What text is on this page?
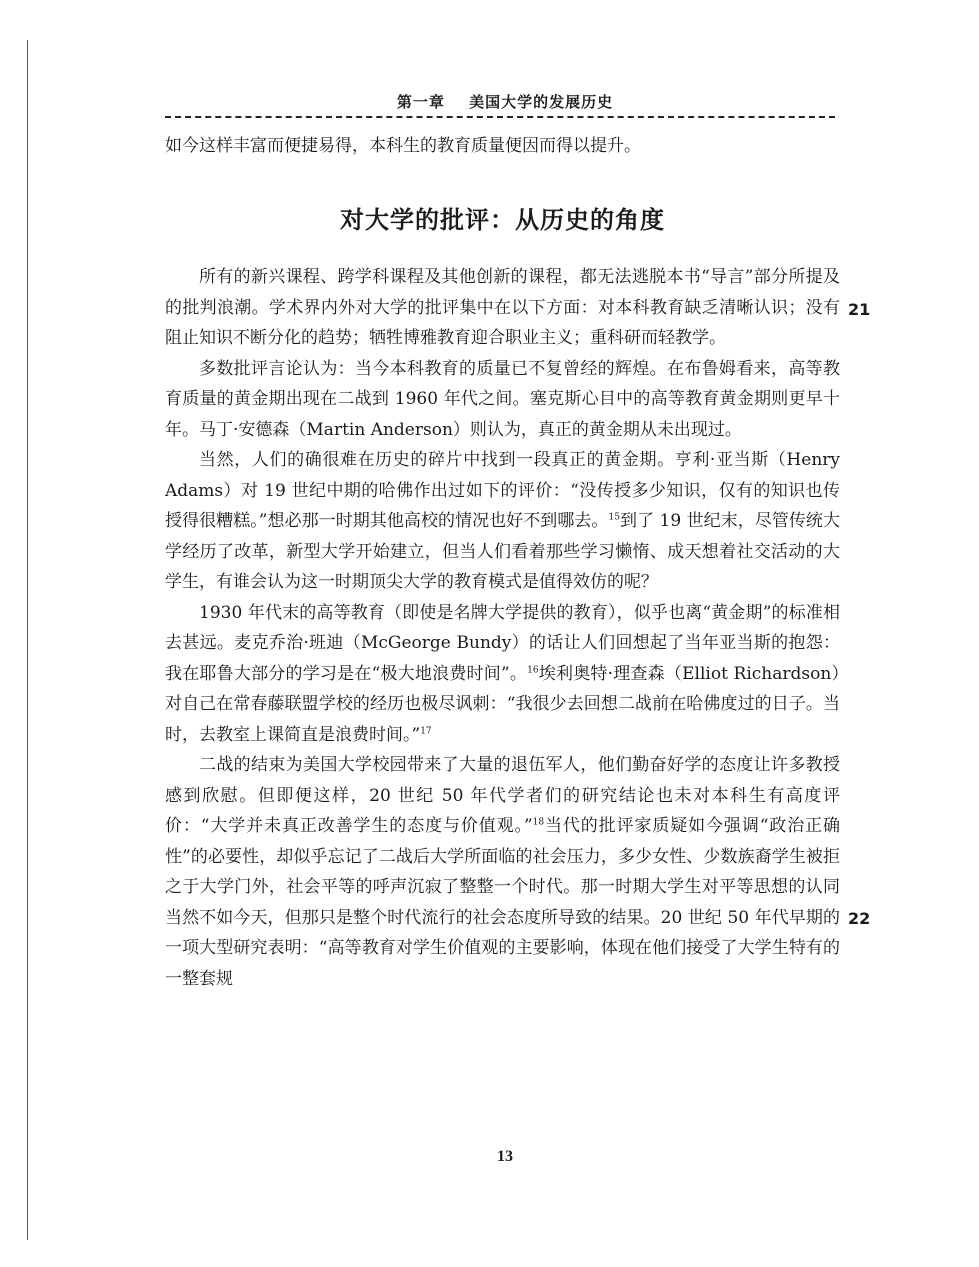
第一章 美国大学的发展历史

如今这样丰富而便捷易得，本科生的教育质量便因而得以提升。

对大学的批评：从历史的角度

所有的新兴课程、跨学科课程及其他创新的课程，都无法逃脱本书“导言”部分所提及的批判浪潮。学术界内外对大学的批评集中在以下方面：对本科教育缺乏清晰认识；没有阻止知识不断分化的趋势；牺牲博雅教育迎合职业主义；重科研而轻教学。

多数批评言论认为：当今本科教育的质量已不复曾经的辉煌。在布鲁姆看来，高等教育质量的黄金期出现在二战到 1960 年代之间。塞克斯心目中的高等教育黄金期则更早十年。马丁·安德森（Martin Anderson）则认为，真正的黄金期从未出现过。

当然，人们的确很难在历史的碎片中找到一段真正的黄金期。亨利·亚当斯（Henry Adams）对 19 世纪中期的哈佛作出过如下的评价：“没传授多少知识，仅有的知识也传授得很糟糕。”想必那一时期其他高校的情况也好不到哪去。$^{15}$到了 19 世纪末，尽管传统大学经历了改革，新型大学开始建立，但当人们看着那些学习懒惰、成天想着社交活动的大学生，有谁会认为这一时期顶尖大学的教育模式是值得效仿的呢？

1930 年代末的高等教育（即使是名牌大学提供的教育），似乎也离“黄金期”的标准相去甚远。麦克乔治·班迪（McGeorge Bundy）的话让人们回想起了当年亚当斯的抱怨：我在耶鲁大部分的学习是在“极大地浪费时间”。$^{16}$埃利奥特·理查森（Elliot Richardson）对自己在常春藤联盟学校的经历也极尽讽刺：“我很少去回想二战前在哈佛度过的日子。当时，去教室上课简直是浪费时间。”$^{17}$

二战的结束为美国大学校园带来了大量的退伍军人，他们勤奋好学的态度让许多教授感到欣慰。但即便这样，20 世纪 50 年代学者们的研究结论也未对本科生有高度评价：“大学并未真正改善学生的态度与价值观。”$^{18}$当代的批评家质疑如今强调“政治正确性”的必要性，却似乎忘记了二战后大学所面临的社会压力，多少女性、少数族裔学生被拒之于大学门外，社会平等的呼声沉寂了整整一个时代。那一时期大学生对平等思想的认同当然不如今天，但那只是整个时代流行的社会态度所导致的结果。20 世纪 50 年代早期的一项大型研究表明：“高等教育对学生价值观的主要影响，体现在他们接受了大学生特有的一整套规

21
22
13
